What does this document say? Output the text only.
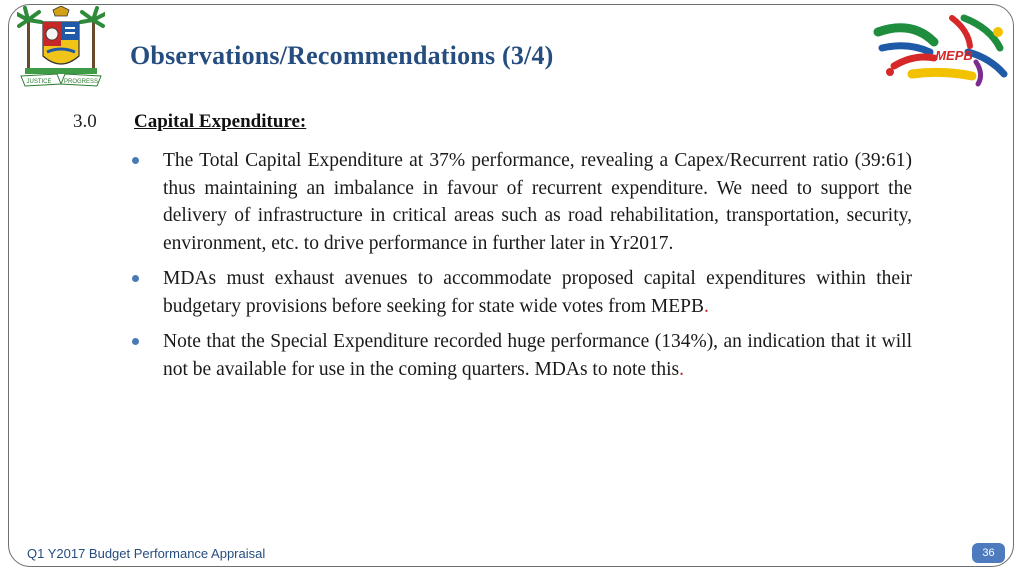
JUSTICE PROGRESS
Observations/Recommendations (3/4)	MEPB
3.0 Capital Expenditure:
The Total Capital Expenditure at 37% performance, revealing a Capex/Recurrent ratio (39:61) thus maintaining an imbalance in favour of recurrent expenditure. We need to support the delivery of infrastructure in critical areas such as road rehabilitation, transportation, security, environment, etc. to drive performance in further later in Yr2017.
MDAs must exhaust avenues to accommodate proposed capital expenditures within their budgetary provisions before seeking for state wide votes from MEPB.
Note that the Special Expenditure recorded huge performance (134%), an indication that it will not be available for use in the coming quarters. MDAs to note this.
Q1 Y2017 Budget Performance Appraisal	36
